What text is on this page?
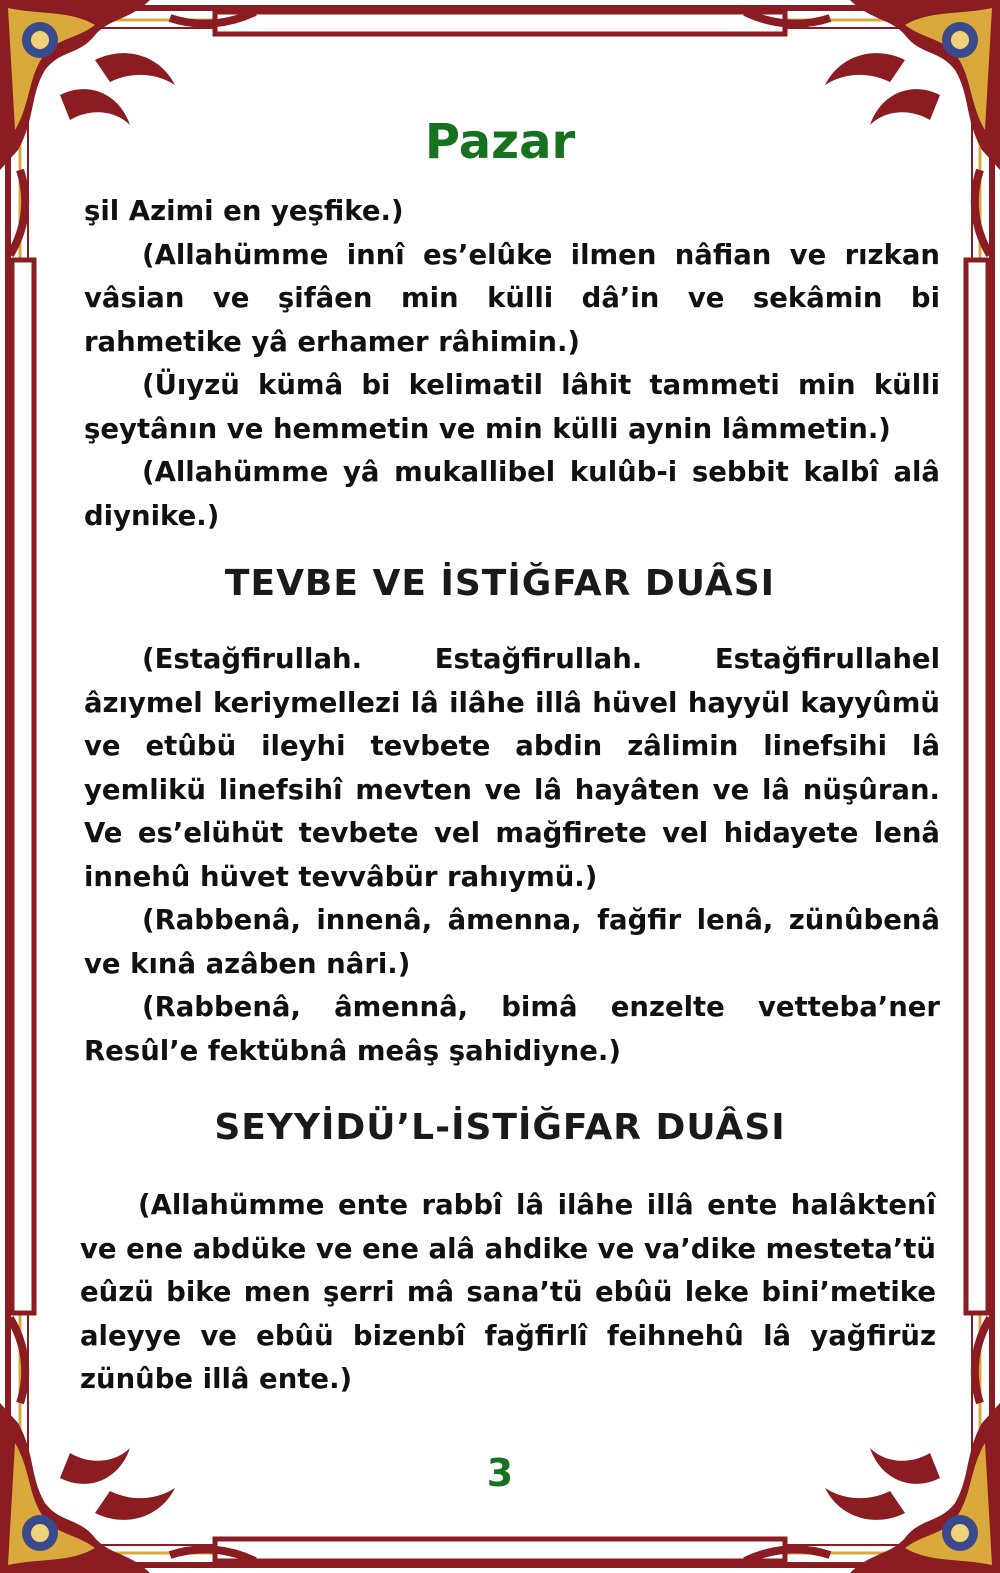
Pazar

şil Azimi en yeşfike.)

(Allahümme innî es’elûke ilmen nâfian ve rızkan vâsian ve şifâen min külli dâ’in ve sekâmin bi rahmetike yâ erhamer râhimin.)

(Üıyzü kümâ bi kelimatil lâhit tammeti min külli şeytânın ve hemmetin ve min külli aynin lâmmetin.)

(Allahümme yâ mukallibel kulûb-i sebbit kalbî alâ diynike.)

TEVBE VE İSTİĞFAR DUÂSI

(Estağfirullah. Estağfirullah. Estağfirullahel âzıymel keriymellezi lâ ilâhe illâ hüvel hayyül kayyûmü ve etûbü ileyhi tevbete abdin zâlimin linefsihi lâ yemlikü linefsihî mevten ve lâ hayâten ve lâ nüşûran. Ve es’elühüt tevbete vel mağfirete vel hidayete lenâ innehû hüvet tevvâbür rahıymü.)

(Rabbenâ, innenâ, âmenna, fağfir lenâ, zünûbenâ ve kınâ azâben nâri.)

(Rabbenâ, âmennâ, bimâ enzelte vetteba’ner Resûl’e fektübnâ meâş şahidiyne.)

SEYYİDÜ’L-İSTİĞFAR DUÂSI

(Allahümme ente rabbî lâ ilâhe illâ ente halâktenî ve ene abdüke ve ene alâ ahdike ve va’dike mesteta’tü eûzü bike men şerri mâ sana’tü ebûü leke bini’metike aleyye ve ebûü bizenbî fağfirlî feihnehû lâ yağfirüz zünûbe illâ ente.)

3
